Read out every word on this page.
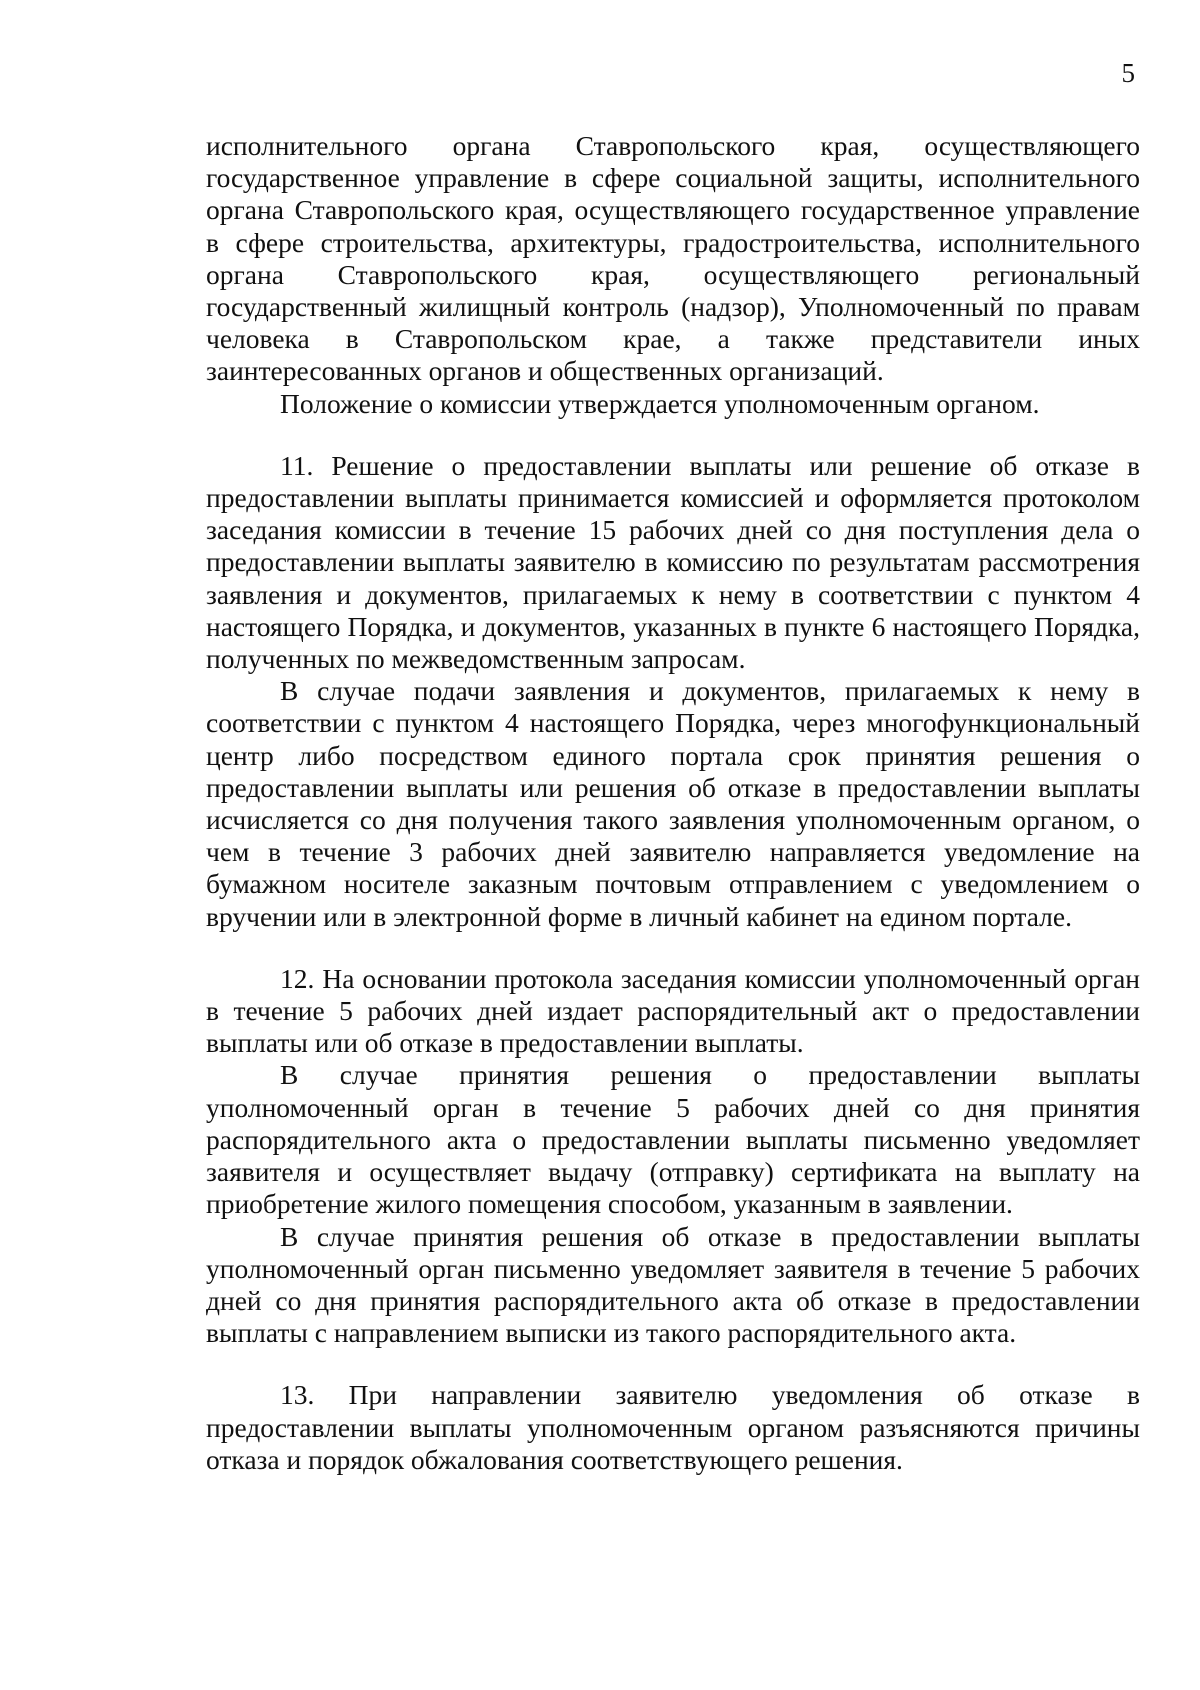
5

исполнительного органа Ставропольского края, осуществляющего государственное управление в сфере социальной защиты, исполнительного органа Ставропольского края, осуществляющего государственное управление в сфере строительства, архитектуры, градостроительства, исполнительного органа Ставропольского края, осуществляющего региональный государственный жилищный контроль (надзор), Уполномоченный по правам человека в Ставропольском крае, а также представители иных заинтересованных органов и общественных организаций.

Положение о комиссии утверждается уполномоченным органом.

11. Решение о предоставлении выплаты или решение об отказе в предоставлении выплаты принимается комиссией и оформляется протоколом заседания комиссии в течение 15 рабочих дней со дня поступления дела о предоставлении выплаты заявителю в комиссию по результатам рассмотрения заявления и документов, прилагаемых к нему в соответствии с пунктом 4 настоящего Порядка, и документов, указанных в пункте 6 настоящего Порядка, полученных по межведомственным запросам.

В случае подачи заявления и документов, прилагаемых к нему в соответствии с пунктом 4 настоящего Порядка, через многофункциональный центр либо посредством единого портала срок принятия решения о предоставлении выплаты или решения об отказе в предоставлении выплаты исчисляется со дня получения такого заявления уполномоченным органом, о чем в течение 3 рабочих дней заявителю направляется уведомление на бумажном носителе заказным почтовым отправлением с уведомлением о вручении или в электронной форме в личный кабинет на едином портале.

12. На основании протокола заседания комиссии уполномоченный орган в течение 5 рабочих дней издает распорядительный акт о предоставлении выплаты или об отказе в предоставлении выплаты.

В случае принятия решения о предоставлении выплаты уполномоченный орган в течение 5 рабочих дней со дня принятия распорядительного акта о предоставлении выплаты письменно уведомляет заявителя и осуществляет выдачу (отправку) сертификата на выплату на приобретение жилого помещения способом, указанным в заявлении.

В случае принятия решения об отказе в предоставлении выплаты уполномоченный орган письменно уведомляет заявителя в течение 5 рабочих дней со дня принятия распорядительного акта об отказе в предоставлении выплаты с направлением выписки из такого распорядительного акта.

13. При направлении заявителю уведомления об отказе в предоставлении выплаты уполномоченным органом разъясняются причины отказа и порядок обжалования соответствующего решения.
